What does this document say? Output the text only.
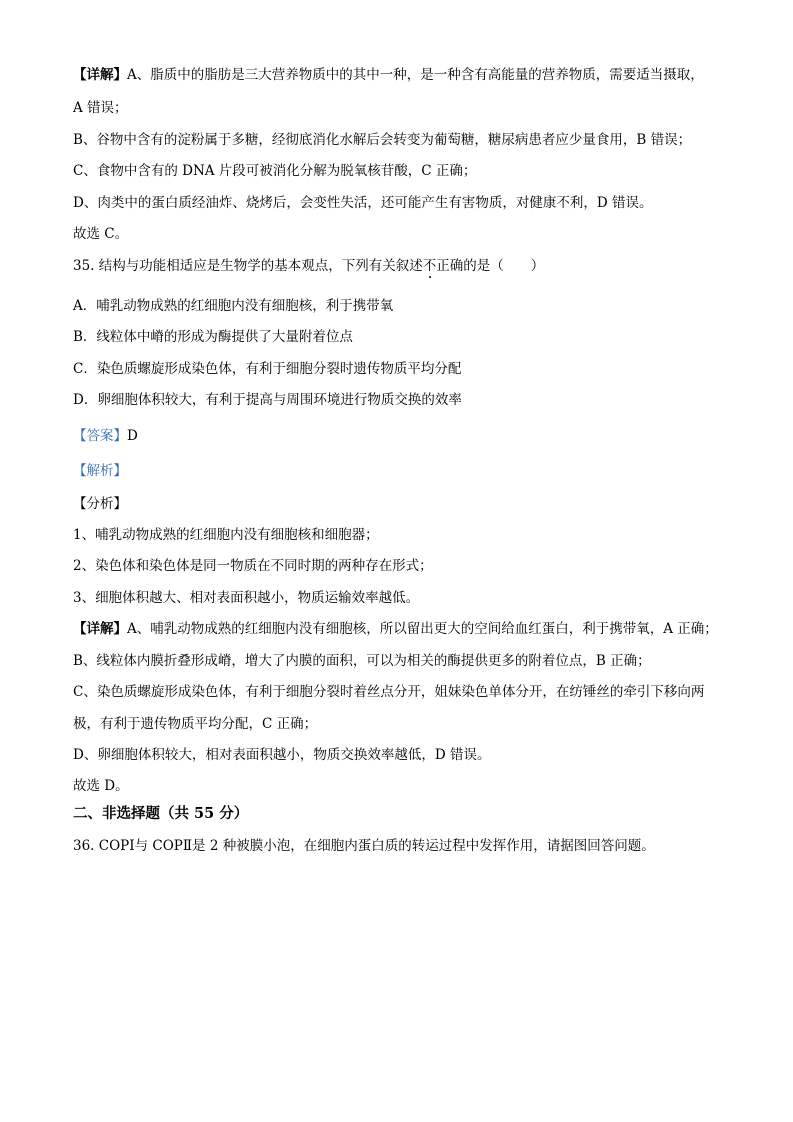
【详解】A、脂质中的脂肪是三大营养物质中的其中一种，是一种含有高能量的营养物质，需要适当摄取，
A 错误；
B、谷物中含有的淀粉属于多糖，经彻底消化水解后会转变为葡萄糖，糖尿病患者应少量食用，B 错误；
C、食物中含有的 DNA 片段可被消化分解为脱氧核苷酸，C 正确；
D、肉类中的蛋白质经油炸、烧烤后，会变性失活，还可能产生有害物质，对健康不利，D 错误。
故选 C。
35. 结构与功能相适应是生物学的基本观点，下列有关叙述不正确的是（　　）
A．哺乳动物成熟的红细胞内没有细胞核，利于携带氧
B．线粒体中嵴的形成为酶提供了大量附着位点
C．染色质螺旋形成染色体，有利于细胞分裂时遗传物质平均分配
D．卵细胞体积较大，有利于提高与周围环境进行物质交换的效率
【答案】D
【解析】
【分析】
1、哺乳动物成熟的红细胞内没有细胞核和细胞器；
2、染色体和染色体是同一物质在不同时期的两种存在形式；
3、细胞体积越大、相对表面积越小，物质运输效率越低。
【详解】A、哺乳动物成熟的红细胞内没有细胞核，所以留出更大的空间给血红蛋白，利于携带氧，A 正确；
B、线粒体内膜折叠形成嵴，增大了内膜的面积，可以为相关的酶提供更多的附着位点，B 正确；
C、染色质螺旋形成染色体，有利于细胞分裂时着丝点分开，姐妹染色单体分开，在纺锤丝的牵引下移向两
极，有利于遗传物质平均分配，C 正确；
D、卵细胞体积较大，相对表面积越小，物质交换效率越低，D 错误。
故选 D。
二、非选择题（共 55 分）
36. COPⅠ与 COPⅡ是 2 种被膜小泡，在细胞内蛋白质的转运过程中发挥作用，请据图回答问题。
